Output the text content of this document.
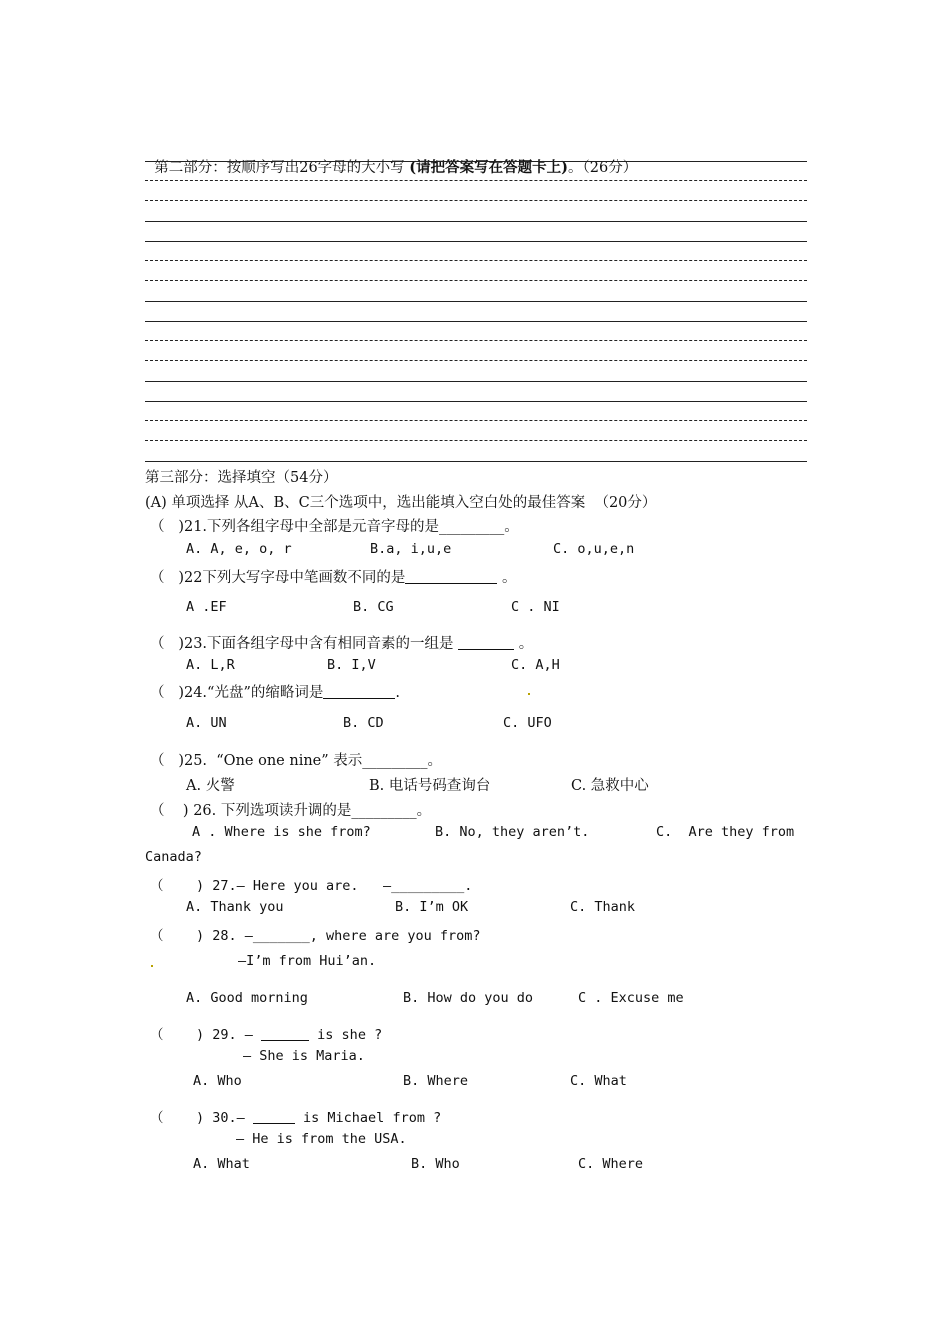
第二部分：按顺序写出26字母的大小写 (请把答案写在答题卡上)。（26分）

第三部分：选择填空（54分）
(A) 单项选择 从A、B、C三个选项中，选出能填入空白处的最佳答案  （20分）
（   )21.下列各组字母中全部是元音字母的是_________。
A. A, e, o, r	B.a, i,u,e	C. o,u,e,n
（   )22下列大写字母中笔画数不同的是	。
A .EF	B. CG	C . NI
（   )23.下面各组字母中含有相同音素的一组是	。
A. L,R	B. I,V	C. A,H
（   )24.“光盘”的缩略词是	.
A. UN	B. CD	C. UFO
（   )25.  “One one nine” 表示_________。
A. 火警	B. 电话号码查询台	C. 急救中心
（    ) 26. 下列选项读升调的是_________。
A . Where is she from?	B. No, they aren’t.	C.  Are they from
Canada?
（    ) 27.— Here you are.   —_________.
A. Thank you	B. I’m OK	C. Thank
（    ) 28. —_______, where are you from?
—I’m from Hui’an.
A. Good morning	B. How do you do	C . Excuse me
（    ) 29. —	is she ?
— She is Maria.
A. Who	B. Where	C. What
（    ) 30.—	is Michael from ?
— He is from the USA.
A. What	B. Who	C. Where
